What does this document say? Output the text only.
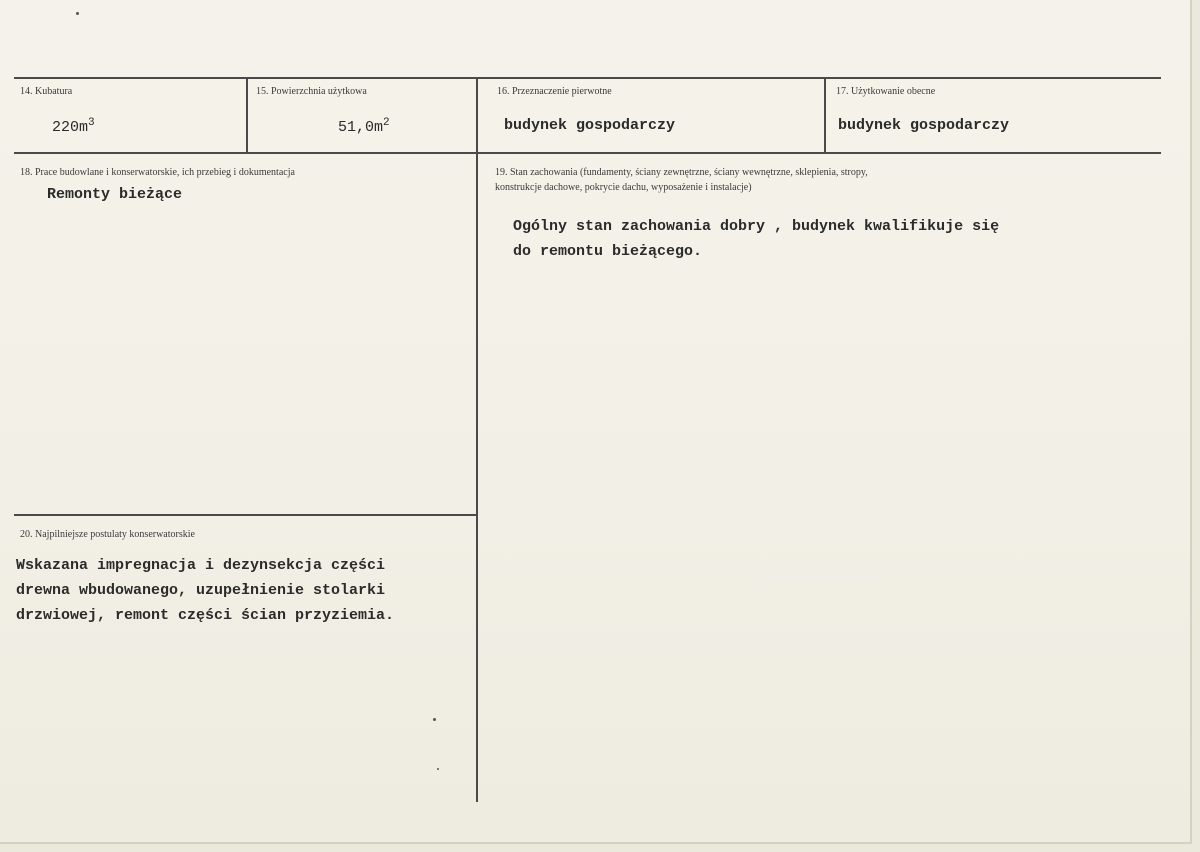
14. Kubatura
$220m^3$
15. Powierzchnia użytkowa
$51,0m^2$
16. Przeznaczenie pierwotne
budynek gospodarczy
17. Użytkowanie obecne
budynek gospodarczy
18. Prace budowlane i konserwatorskie, ich przebieg i dokumentacja
Remonty bieżące
19. Stan zachowania (fundamenty, ściany zewnętrzne, ściany wewnętrzne, sklepienia, stropy,
konstrukcje dachowe, pokrycie dachu, wyposażenie i instalacje)
Ogólny stan zachowania dobry , budynek kwalifikuje się
do remontu bieżącego.
20. Najpilniejsze postulaty konserwatorskie
Wskazana impregnacja i dezynsekcja części
drewna wbudowanego, uzupełnienie stolarki
drzwiowej, remont części ścian przyziemia.
